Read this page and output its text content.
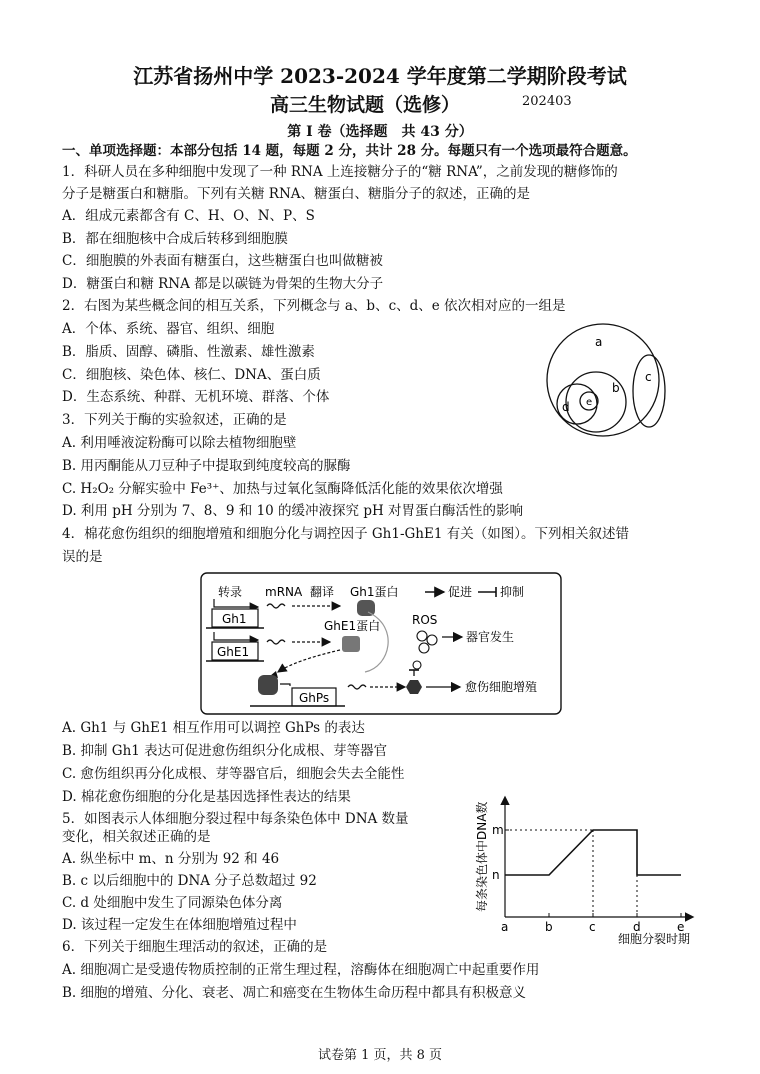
江苏省扬州中学 2023-2024 学年度第二学期阶段考试
高三生物试题（选修）	202403
第 I 卷（选择题　共 43 分）
一、单项选择题：本部分包括 14 题，每题 2 分，共计 28 分。每题只有一个选项最符合题意。
1．科研人员在多种细胞中发现了一种 RNA 上连接糖分子的“糖 RNA”，之前发现的糖修饰的
分子是糖蛋白和糖脂。下列有关糖 RNA、糖蛋白、糖脂分子的叙述，正确的是
A．组成元素都含有 C、H、O、N、P、S
B．都在细胞核中合成后转移到细胞膜
C．细胞膜的外表面有糖蛋白，这些糖蛋白也叫做糖被
D．糖蛋白和糖 RNA 都是以碳链为骨架的生物大分子
2．右图为某些概念间的相互关系，下列概念与 a、b、c、d、e 依次相对应的一组是
A．个体、系统、器官、组织、细胞
B．脂质、固醇、磷脂、性激素、雄性激素
C．细胞核、染色体、核仁、DNA、蛋白质
D．生态系统、种群、无机环境、群落、个体
a
b
c
d e
3．下列关于酶的实验叙述，正确的是
A. 利用唾液淀粉酶可以除去植物细胞壁
B. 用丙酮能从刀豆种子中提取到纯度较高的脲酶
C. H₂O₂ 分解实验中 Fe³⁺、加热与过氧化氢酶降低活化能的效果依次增强
D. 利用 pH 分别为 7、8、9 和 10 的缓冲液探究 pH 对胃蛋白酶活性的影响
4．棉花愈伤组织的细胞增殖和细胞分化与调控因子 Gh1-GhE1 有关（如图）。下列相关叙述错
误的是
转录
Gh1
mRNA 翻译 Gh1蛋白	促进 抑制
GhE1
GhE1蛋白
GhPs
愈伤细胞增殖
ROS
器官发生
A. Gh1 与 GhE1 相互作用可以调控 GhPs 的表达
B. 抑制 Gh1 表达可促进愈伤组织分化成根、芽等器官
C. 愈伤组织再分化成根、芽等器官后，细胞会失去全能性
D. 棉花愈伤细胞的分化是基因选择性表达的结果
5．如图表示人体细胞分裂过程中每条染色体中 DNA 数量
变化，相关叙述正确的是
A. 纵坐标中 m、n 分别为 92 和 46
B. c 以后细胞中的 DNA 分子总数超过 92
C. d 处细胞中发生了同源染色体分离
D. 该过程一定发生在体细胞增殖过程中
每条染色体中DNA数
细胞分裂时期
a	b	c	d	e
n
m
6．下列关于细胞生理活动的叙述，正确的是
A. 细胞凋亡是受遗传物质控制的正常生理过程，溶酶体在细胞凋亡中起重要作用
B. 细胞的增殖、分化、衰老、凋亡和癌变在生物体生命历程中都具有积极意义
试卷第 1 页，共 8 页
